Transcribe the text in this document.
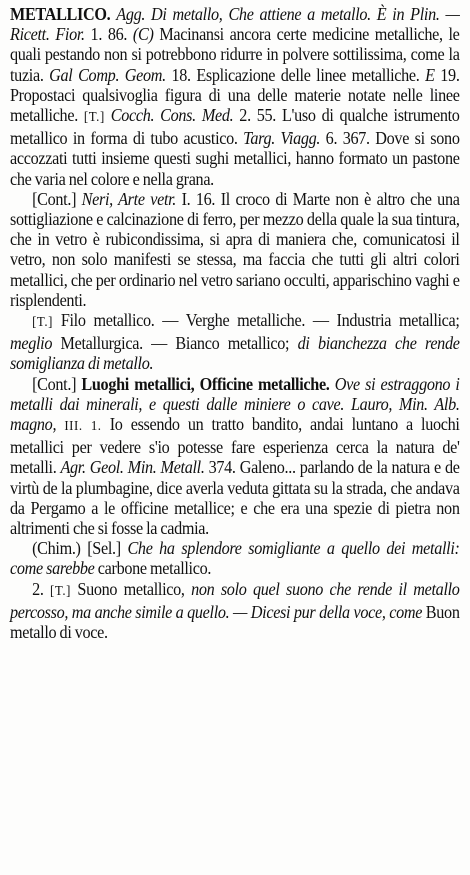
METALLICO. Agg. Di metallo, Che attiene a metallo. È in Plin. — Ricett. Fior. 1. 86. (C) Macinansi ancora certe medicine metalliche, le quali pestando non si potrebbono ridurre in polvere sottilissima, come la tuzia. Gal Comp. Geom. 18. Esplicazione delle linee metalliche. E 19. Propostaci qualsivoglia figura di una delle materie notate nelle linee metalliche. [T.] Cocch. Cons. Med. 2. 55. L'uso di qualche istrumento metallico in forma di tubo acustico. Targ. Viagg. 6. 367. Dove si sono accozzati tutti insieme questi sughi metallici, hanno formato un pastone che varia nel colore e nella grana.

[Cont.] Neri, Arte vetr. I. 16. Il croco di Marte non è altro che una sottigliazione e calcinazione di ferro, per mezzo della quale la sua tintura, che in vetro è rubicondissima, si apra di maniera che, comunicatosi il vetro, non solo manifesti se stessa, ma faccia che tutti gli altri colori metallici, che per ordinario nel vetro sariano occulti, apparischino vaghi e risplendenti.

[T.] Filo metallico. — Verghe metalliche. — Industria metallica; meglio Metallurgica. — Bianco metallico; di bianchezza che rende somiglianza di metallo.

[Cont.] Luoghi metallici, Officine metalliche. Ove si estraggono i metalli dai minerali, e questi dalle miniere o cave. Lauro, Min. Alb. magno, III. 1. Io essendo un tratto bandito, andai luntano a luochi metallici per vedere s'io potesse fare esperienza cerca la natura de' metalli. Agr. Geol. Min. Metall. 374. Galeno... parlando de la natura e de virtù de la plumbagine, dice averla veduta gittata su la strada, che andava da Pergamo a le officine metallice; e che era una spezie di pietra non altrimenti che si fosse la cadmia.

(Chim.) [Sel.] Che ha splendore somigliante a quello dei metalli: come sarebbe carbone metallico.

2. [T.] Suono metallico, non solo quel suono che rende il metallo percosso, ma anche simile a quello. — Dicesi pur della voce, come Buon metallo di voce.
